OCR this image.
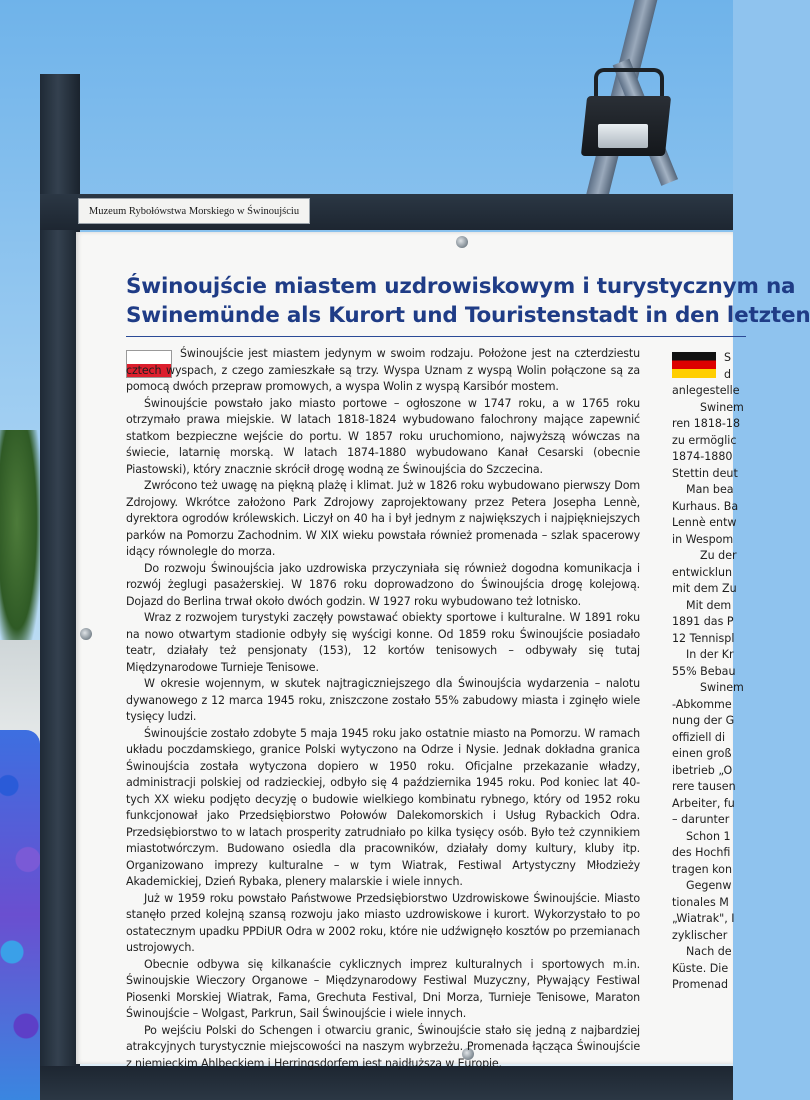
Muzeum Rybołówstwa Morskiego w Świnoujściu
Świnoujście miastem uzdrowiskowym i turystycznym na
Swinemünde als Kurort und Touristenstadt in den letzten

Świnoujście jest miastem jedynym w swoim rodzaju. Położone jest na czterdziestu cztech wyspach, z czego zamieszkałe są trzy. Wyspa Uznam z wyspą Wolin połączone są za pomocą dwóch przepraw promowych, a wyspa Wolin z wyspą Karsibór mostem.

Świnoujście powstało jako miasto portowe – ogłoszone w 1747 roku, a w 1765 roku otrzymało prawa miejskie. W latach 1818-1824 wybudowano falochrony mające zapewnić statkom bezpieczne wejście do portu. W 1857 roku uruchomiono, najwyższą wówczas na świecie, latarnię morską. W latach 1874-1880 wybudowano Kanał Cesarski (obecnie Piastowski), który znacznie skrócił drogę wodną ze Świnoujścia do Szczecina.

Zwrócono też uwagę na piękną plażę i klimat. Już w 1826 roku wybudowano pierwszy Dom Zdrojowy. Wkrótce założono Park Zdrojowy zaprojektowany przez Petera Josepha Lennè, dyrektora ogrodów królewskich. Liczył on 40 ha i był jednym z największych i najpiękniejszych parków na Pomorzu Zachodnim. W XIX wieku powstała również promenada – szlak spacerowy idący równolegle do morza.

Do rozwoju Świnoujścia jako uzdrowiska przyczyniała się również dogodna komunikacja i rozwój żeglugi pasażerskiej. W 1876 roku doprowadzono do Świnoujścia drogę kolejową. Dojazd do Berlina trwał około dwóch godzin. W 1927 roku wybudowano też lotnisko.

Wraz z rozwojem turystyki zaczęły powstawać obiekty sportowe i kulturalne. W 1891 roku na nowo otwartym stadionie odbyły się wyścigi konne. Od 1859 roku Świnoujście posiadało teatr, działały też pensjonaty (153), 12 kortów tenisowych – odbywały się tutaj Międzynarodowe Turnieje Tenisowe.

W okresie wojennym, w skutek najtragiczniejszego dla Świnoujścia wydarzenia – nalotu dywanowego z 12 marca 1945 roku, zniszczone zostało 55% zabudowy miasta i zginęło wiele tysięcy ludzi.

Świnoujście zostało zdobyte 5 maja 1945 roku jako ostatnie miasto na Pomorzu. W ramach układu poczdamskiego, granice Polski wytyczono na Odrze i Nysie. Jednak dokładna granica Świnoujścia została wytyczona dopiero w 1950 roku. Oficjalne przekazanie władzy, administracji polskiej od radzieckiej, odbyło się 4 października 1945 roku. Pod koniec lat 40-tych XX wieku podjęto decyzję o budowie wielkiego kombinatu rybnego, który od 1952 roku funkcjonował jako Przedsiębiorstwo Połowów Dalekomorskich i Usług Rybackich Odra. Przedsiębiorstwo to w latach prosperity zatrudniało po kilka tysięcy osób. Było też czynnikiem miastotwórczym. Budowano osiedla dla pracowników, działały domy kultury, kluby itp. Organizowano imprezy kulturalne – w tym Wiatrak, Festiwal Artystyczny Młodzieży Akademickiej, Dzień Rybaka, plenery malarskie i wiele innych.

Już w 1959 roku powstało Państwowe Przedsiębiorstwo Uzdrowiskowe Świnoujście. Miasto stanęło przed kolejną szansą rozwoju jako miasto uzdrowiskowe i kurort. Wykorzystało to po ostatecznym upadku PPDiUR Odra w 2002 roku, które nie udźwignęło kosztów po przemianach ustrojowych.

Obecnie odbywa się kilkanaście cyklicznych imprez kulturalnych i sportowych m.in. Świnoujskie Wieczory Organowe – Międzynarodowy Festiwal Muzyczny, Pływający Festiwal Piosenki Morskiej Wiatrak, Fama, Grechuta Festival, Dni Morza, Turnieje Tenisowe, Maraton Świnoujście – Wolgast, Parkrun, Sail Świnoujście i wiele innych.

Po wejściu Polski do Schengen i otwarciu granic, Świnoujście stało się jedną z najbardziej atrakcyjnych turystycznie miejscowości na naszym wybrzeżu. Promenada łącząca Świnoujście z niemieckim Ahlbeckiem i Herringsdorfem jest najdłuższą w Europie.

S
d
anlegestelle
Swinem
ren 1818-18
zu ermöglic
1874-1880
Stettin deut
Man bea
Kurhaus. Ba
Lennè entw
in Wespom
Zu der
entwicklun
mit dem Zu
Mit dem
1891 das P
12 Tennispl
In der Kr
55% Bebau
Swinem
-Abkomme
nung der G
offiziell di
einen groß
ibetrieb „O
rere tausen
Arbeiter, fu
– darunter
Schon 1
des Hochfi
tragen kon
Gegenw
tionales M
„Wiatrak", I
zyklischer
Nach de
Küste. Die
Promenad
